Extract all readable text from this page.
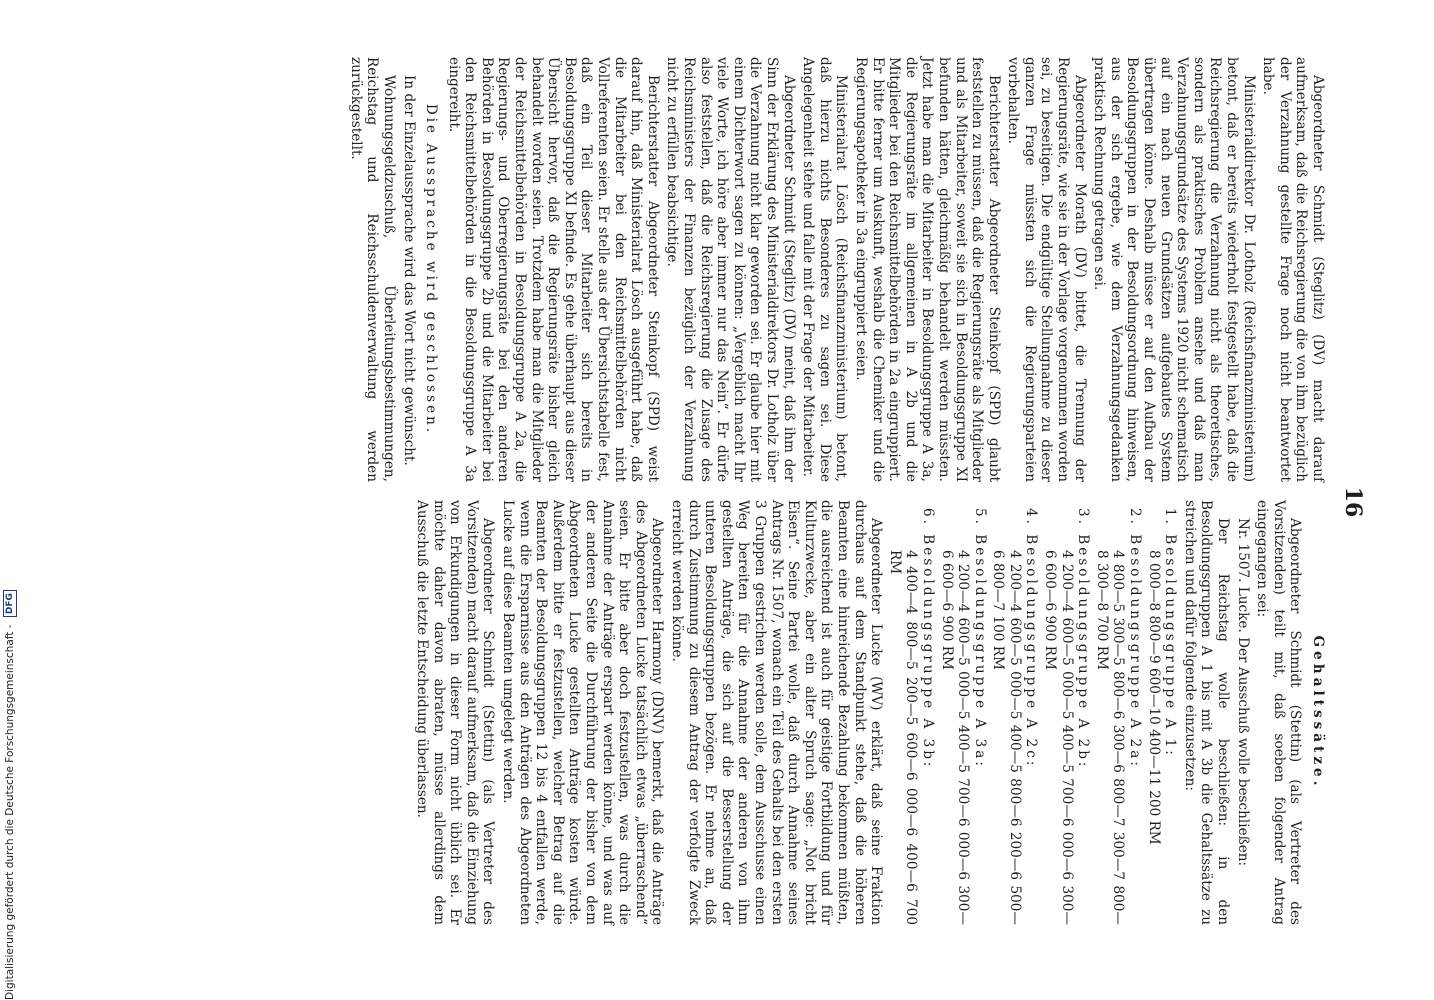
16

Abgeordneter Schmidt (Steglitz) (DV) macht darauf aufmerksam, daß die Reichsregierung die von ihm bezüglich der Verzahnung gestellte Frage noch nicht beantwortet habe.

Ministerialdirektor Dr. Lotholz (Reichsfinanzministerium) betont, daß er bereits wiederholt festgestellt habe, daß die Reichsregierung die Verzahnung nicht als theoretisches, sondern als praktisches Problem ansehe und daß man Verzahnungsgrundsätze des Systems 1920 nicht schematisch auf ein nach neuen Grundsätzen aufgebautes System übertragen könne. Deshalb müsse er auf den Aufbau der Besoldungsgruppen in der Besoldungsordnung hinweisen, aus der sich ergebe, wie dem Verzahnungsgedanken praktisch Rechnung getragen sei.

Abgeordneter Morath (DV) bittet, die Trennung der Regierungsräte, wie sie in der Vorlage vorgenommen worden sei, zu beseitigen. Die endgültige Stellungnahme zu dieser ganzen Frage müssten sich die Regierungsparteien vorbehalten.

Berichterstatter Abgeordneter Steinkopf (SPD) glaubt feststellen zu müssen, daß die Regierungsräte als Mitglieder und als Mitarbeiter, soweit sie sich in Besoldungsgruppe XI befunden hätten, gleichmäßig behandelt werden müssten. Jetzt habe man die Mitarbeiter in Besoldungsgruppe A 3a, die Regierungsräte im allgemeinen in A 2b und die Mitglieder bei den Reichsmittelbehörden in 2a eingruppiert. Er bitte ferner um Auskunft, weshalb die Chemiker und die Regierungsapotheker in 3a eingruppiert seien.

Ministerialrat Lösch (Reichsfinanzministerium) betont, daß hierzu nichts Besonderes zu sagen sei. Diese Angelegenheit stehe und falle mit der Frage der Mitarbeiter.

Abgeordneter Schmidt (Steglitz) (DV) meint, daß ihm der Sinn der Erklärung des Ministerialdirektors Dr. Lotholz über die Verzahnung nicht klar geworden sei. Er glaube hier mit einem Dichterwort sagen zu können: „Vergeblich macht Ihr viele Worte, ich höre aber immer nur das Nein“. Er dürfe also feststellen, daß die Reichsregierung die Zusage des Reichsministers der Finanzen bezüglich der Verzahnung nicht zu erfüllen beabsichtige.

Berichterstatter Abgeordneter Steinkopf (SPD) weist darauf hin, daß Ministerialrat Lösch ausgeführt habe, daß die Mitarbeiter bei den Reichsmittelbehörden nicht Vollreferenten seien. Er stelle aus der Übersichtstabelle fest, daß ein Teil dieser Mitarbeiter sich bereits in Besoldungsgruppe XI befinde. Es gehe überhaupt aus dieser Übersicht hervor, daß die Regierungsräte bisher gleich behandelt worden seien. Trotzdem habe man die Mitglieder der Reichsmittelbehörden in Besoldungsgruppe A 2a, die Regierungs- und Oberregierungsräte bei den anderen Behörden in Besoldungsgruppe 2b und die Mitarbeiter bei den Reichsmittelbehörden in die Besoldungsgruppe A 3a eingereiht.

Die Aussprache wird geschlossen.

In der Einzelaussprache wird das Wort nicht gewünscht.

Wohnungsgeldzuschuß, Überleitungsbestimmungen, Reichstag und Reichsschuldenverwaltung werden zurückgestellt.

Gehaltssätze.

Abgeordneter Schmidt (Stettin) (als Vertreter des Vorsitzenden) teilt mit, daß soeben folgender Antrag eingegangen sei:

Nr. 1507. Lucke. Der Ausschuß wolle beschließen:

Der Reichstag wolle beschließen: in den Besoldungsgruppen A 1 bis mit A 3b die Gehaltssätze zu streichen und dafür folgende einzusetzen:

1. Besoldungsgruppe A 1:
8 000—8 800—9 600—10 400—11 200 RM
2. Besoldungsgruppe A 2a:
4 800—5 300—5 800—6 300—6 800—7 300—7 800—8 300—8 700 RM
3. Besoldungsgruppe A 2b:
4 200—4 600—5 000—5 400—5 700—6 000—6 300—6 600—6 900 RM
4. Besoldungsgruppe A 2c:
4 200—4 600—5 000—5 400—5 800—6 200—6 500—6 800—7 100 RM
5. Besoldungsgruppe A 3a:
4 200—4 600—5 000—5 400—5 700—6 000—6 300—6 600—6 900 RM
6. Besoldungsgruppe A 3b:
4 400—4 800—5 200—5 600—6 000—6 400—6 700 RM

Abgeordneter Lucke (WV) erklärt, daß seine Fraktion durchaus auf dem Standpunkt stehe, daß die höheren Beamten eine hinreichende Bezahlung bekommen müßten, die ausreichend ist auch für geistige Fortbildung und für Kulturzwecke, aber ein alter Spruch sage: „Not bricht Eisen“. Seine Partei wolle, daß durch Annahme seines Antrags Nr. 1507, wonach ein Teil des Gehalts bei den ersten 3 Gruppen gestrichen werden solle, dem Ausschusse einen Weg bereiten für die Annahme der anderen von ihm gestellten Anträge, die sich auf die Besserstellung der unteren Besoldungsgruppen bezögen. Er nehme an, daß durch Zustimmung zu diesem Antrag der verfolgte Zweck erreicht werden könne.

Abgeordneter Harmony (DNV) bemerkt, daß die Anträge des Abgeordneten Lucke tatsächlich etwas „überraschend“ seien. Er bitte aber doch festzustellen, was durch die Annahme der Anträge erspart werden könne, und was auf der anderen Seite die Durchführung der bisher von dem Abgeordneten Lucke gestellten Anträge kosten würde. Außerdem bitte er festzustellen, welcher Betrag auf die Beamten der Besoldungsgruppen 12 bis 4 entfallen werde, wenn die Ersparnisse aus den Anträgen des Abgeordneten Lucke auf diese Beamten umgelegt werden.

Abgeordneter Schmidt (Stettin) (als Vertreter des Vorsitzenden) macht darauf aufmerksam, daß die Einziehung von Erkundigungen in dieser Form nicht üblich sei. Er möchte daher davon abraten, müsse allerdings dem Ausschuß die letzte Entscheidung überlassen.

Digitalisierung gefördert durch die Deutsche Forschungsgemeinschaft - DFG
